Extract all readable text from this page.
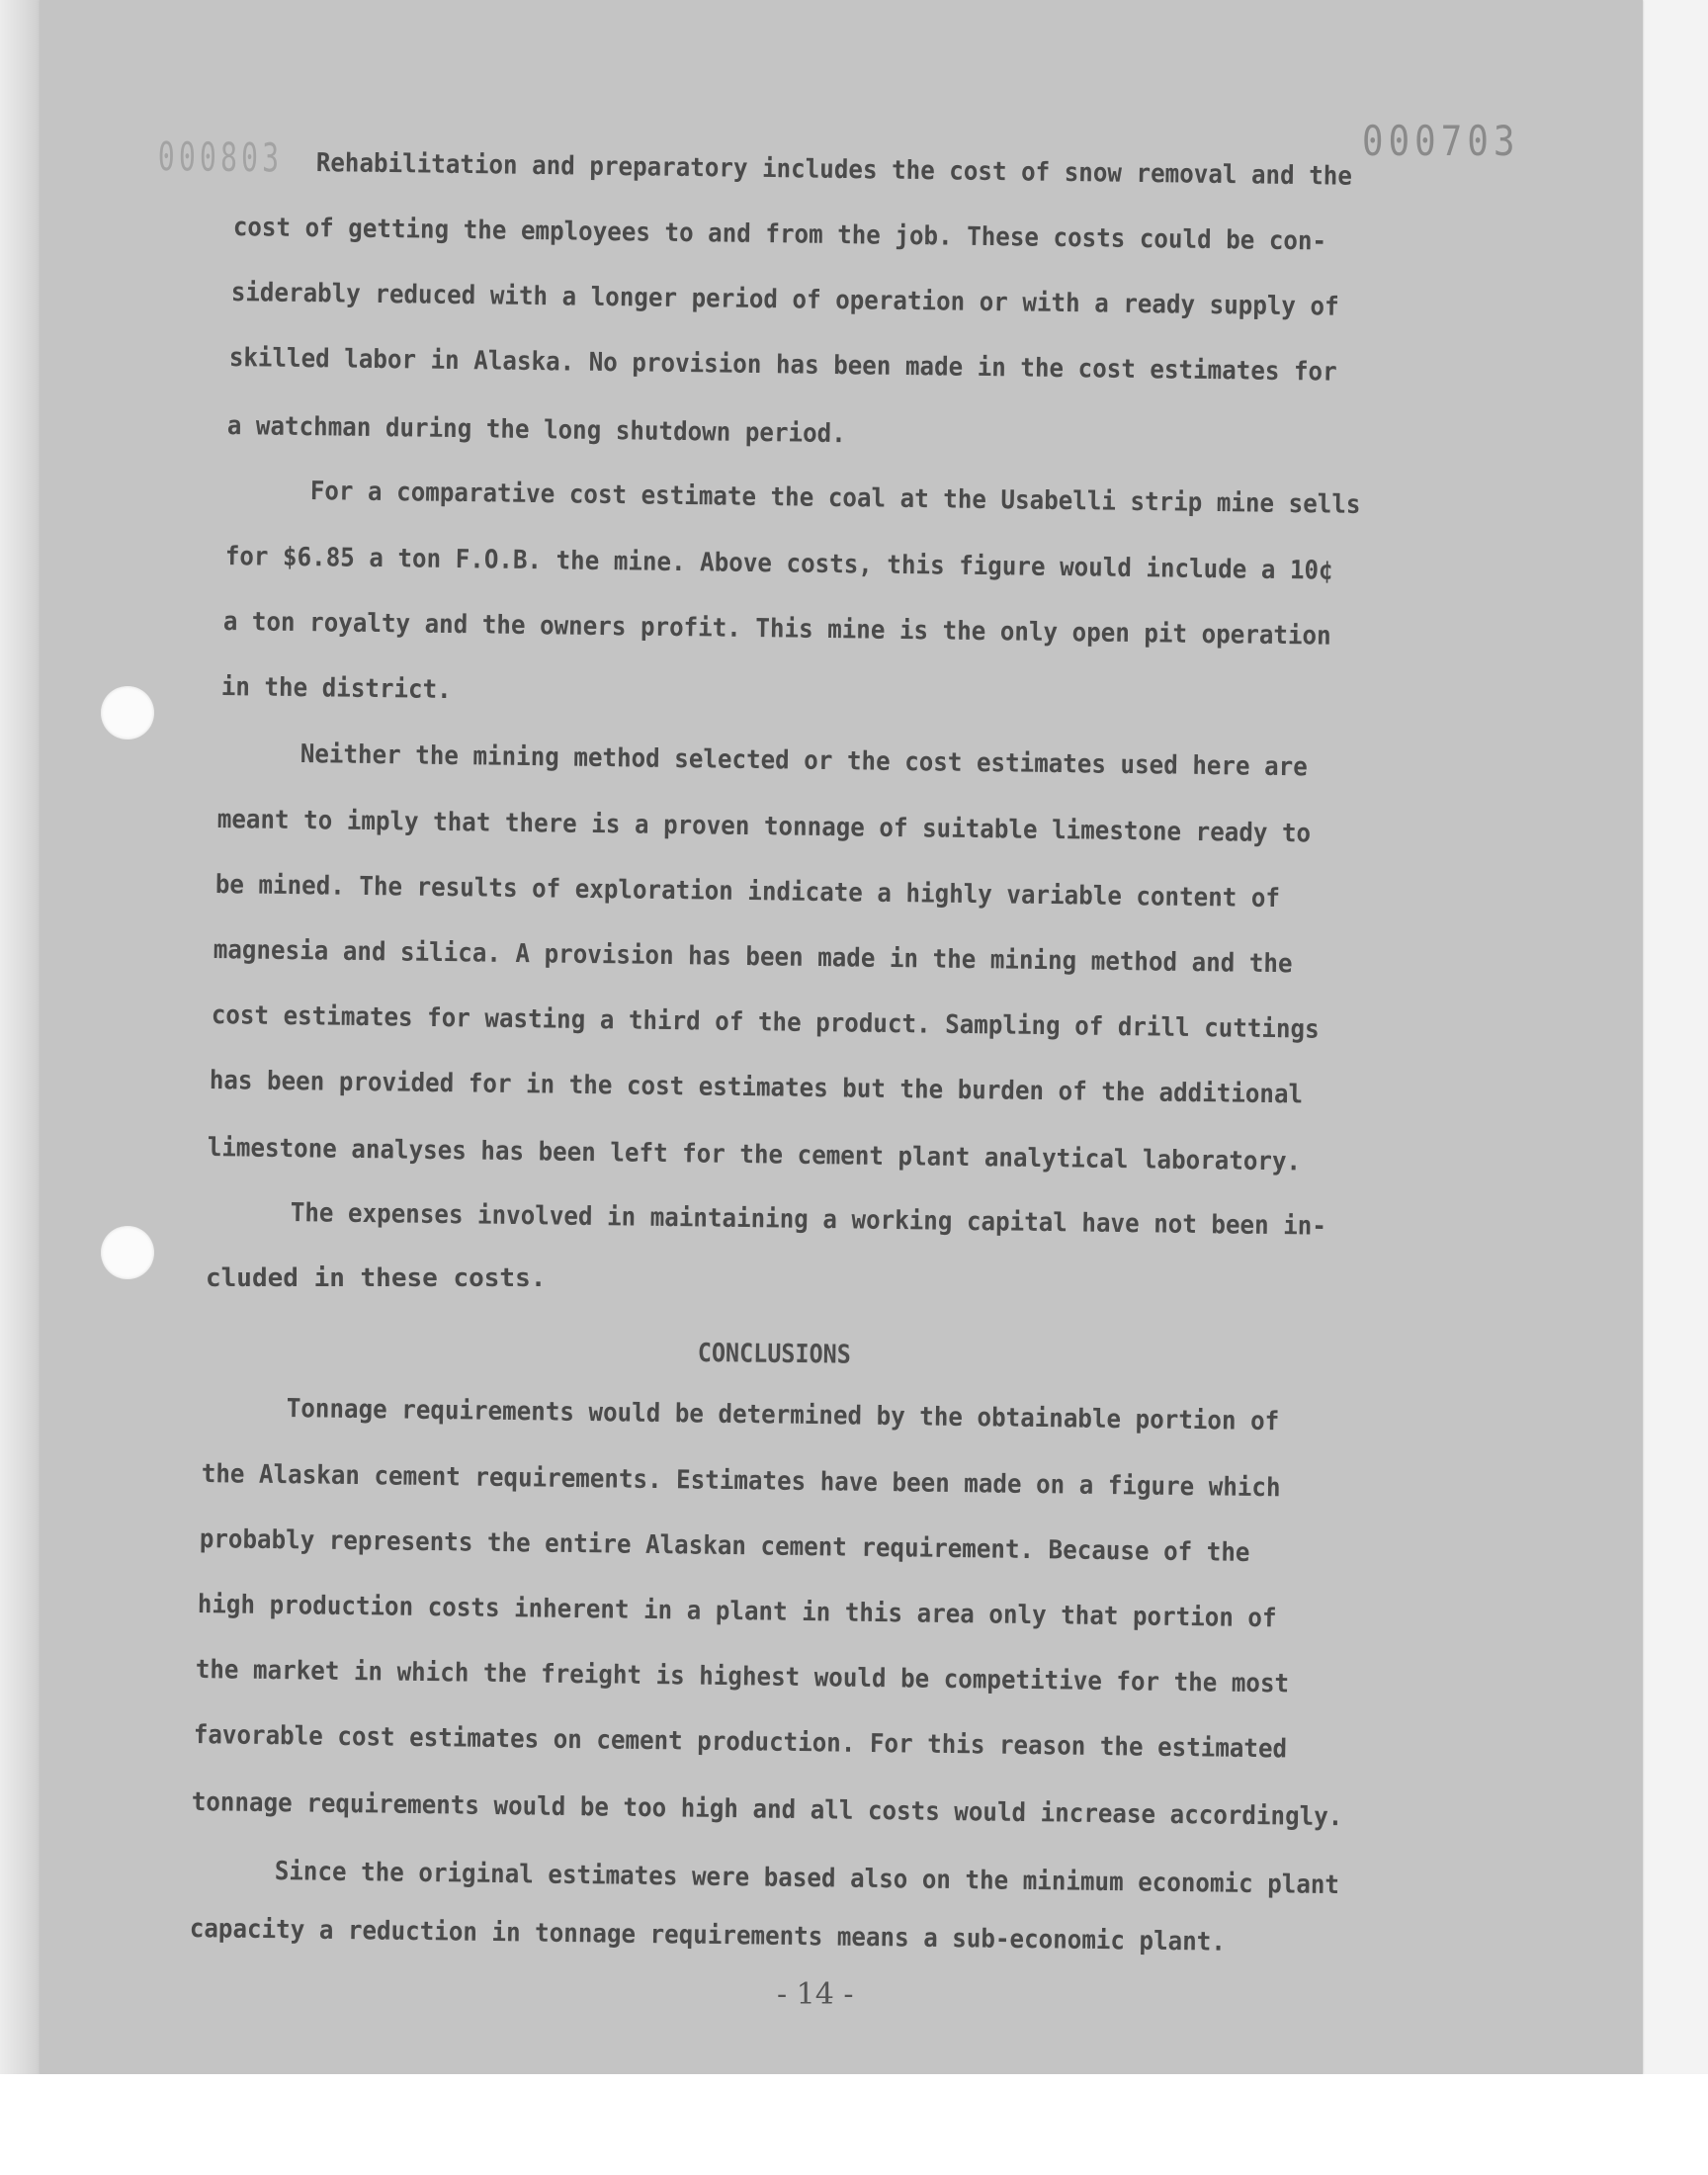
000803	000703
Rehabilitation and preparatory includes the cost of snow removal and the
cost of getting the employees to and from the job. These costs could be con-
siderably reduced with a longer period of operation or with a ready supply of
skilled labor in Alaska. No provision has been made in the cost estimates for
a watchman during the long shutdown period.
For a comparative cost estimate the coal at the Usabelli strip mine sells
for $6.85 a ton F.O.B. the mine. Above costs, this figure would include a 10¢
a ton royalty and the owners profit. This mine is the only open pit operation
in the district.
Neither the mining method selected or the cost estimates used here are
meant to imply that there is a proven tonnage of suitable limestone ready to
be mined. The results of exploration indicate a highly variable content of
magnesia and silica. A provision has been made in the mining method and the
cost estimates for wasting a third of the product. Sampling of drill cuttings
has been provided for in the cost estimates but the burden of the additional
limestone analyses has been left for the cement plant analytical laboratory.
The expenses involved in maintaining a working capital have not been in-
cluded in these costs.
CONCLUSIONS
Tonnage requirements would be determined by the obtainable portion of
the Alaskan cement requirements. Estimates have been made on a figure which
probably represents the entire Alaskan cement requirement. Because of the
high production costs inherent in a plant in this area only that portion of
the market in which the freight is highest would be competitive for the most
favorable cost estimates on cement production. For this reason the estimated
tonnage requirements would be too high and all costs would increase accordingly.
Since the original estimates were based also on the minimum economic plant
capacity a reduction in tonnage requirements means a sub-economic plant.
- 14 -
